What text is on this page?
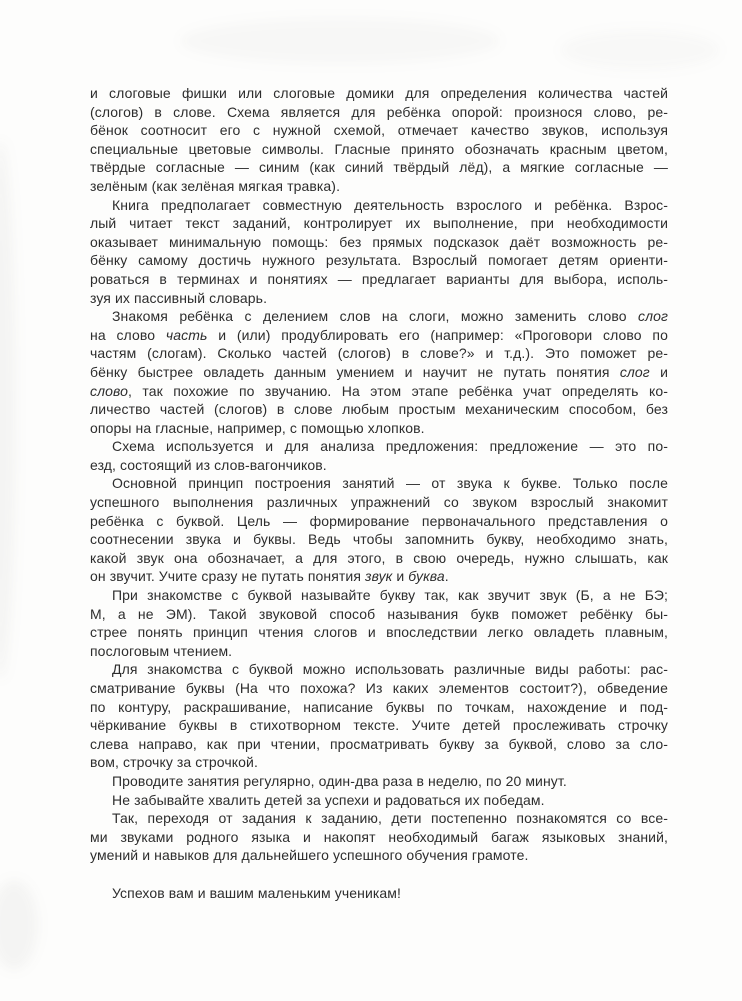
и слоговые фишки или слоговые домики для определения количества частей
(слогов) в слове. Схема является для ребёнка опорой: произнося слово, ре-
бёнок соотносит его с нужной схемой, отмечает качество звуков, используя
специальные цветовые символы. Гласные принято обозначать красным цветом,
твёрдые согласные — синим (как синий твёрдый лёд), а мягкие согласные —
зелёным (как зелёная мягкая травка).
Книга предполагает совместную деятельность взрослого и ребёнка. Взрос-
лый читает текст заданий, контролирует их выполнение, при необходимости
оказывает минимальную помощь: без прямых подсказок даёт возможность ре-
бёнку самому достичь нужного результата. Взрослый помогает детям ориенти-
роваться в терминах и понятиях — предлагает варианты для выбора, исполь-
зуя их пассивный словарь.
Знакомя ребёнка с делением слов на слоги, можно заменить слово слог
на слово часть и (или) продублировать его (например: «Проговори слово по
частям (слогам). Сколько частей (слогов) в слове?» и т.д.). Это поможет ре-
бёнку быстрее овладеть данным умением и научит не путать понятия слог и
слово, так похожие по звучанию. На этом этапе ребёнка учат определять ко-
личество частей (слогов) в слове любым простым механическим способом, без
опоры на гласные, например, с помощью хлопков.
Схема используется и для анализа предложения: предложение — это по-
езд, состоящий из слов-вагончиков.
Основной принцип построения занятий — от звука к букве. Только после
успешного выполнения различных упражнений со звуком взрослый знакомит
ребёнка с буквой. Цель — формирование первоначального представления о
соотнесении звука и буквы. Ведь чтобы запомнить букву, необходимо знать,
какой звук она обозначает, а для этого, в свою очередь, нужно слышать, как
он звучит. Учите сразу не путать понятия звук и буква.
При знакомстве с буквой называйте букву так, как звучит звук (Б, а не БЭ;
М, а не ЭМ). Такой звуковой способ называния букв поможет ребёнку бы-
стрее понять принцип чтения слогов и впоследствии легко овладеть плавным,
послоговым чтением.
Для знакомства с буквой можно использовать различные виды работы: рас-
сматривание буквы (На что похожа? Из каких элементов состоит?), обведение
по контуру, раскрашивание, написание буквы по точкам, нахождение и под-
чёркивание буквы в стихотворном тексте. Учите детей прослеживать строчку
слева направо, как при чтении, просматривать букву за буквой, слово за сло-
вом, строчку за строчкой.
Проводите занятия регулярно, один-два раза в неделю, по 20 минут.
Не забывайте хвалить детей за успехи и радоваться их победам.
Так, переходя от задания к заданию, дети постепенно познакомятся со все-
ми звуками родного языка и накопят необходимый багаж языковых знаний,
умений и навыков для дальнейшего успешного обучения грамоте.
Успехов вам и вашим маленьким ученикам!
